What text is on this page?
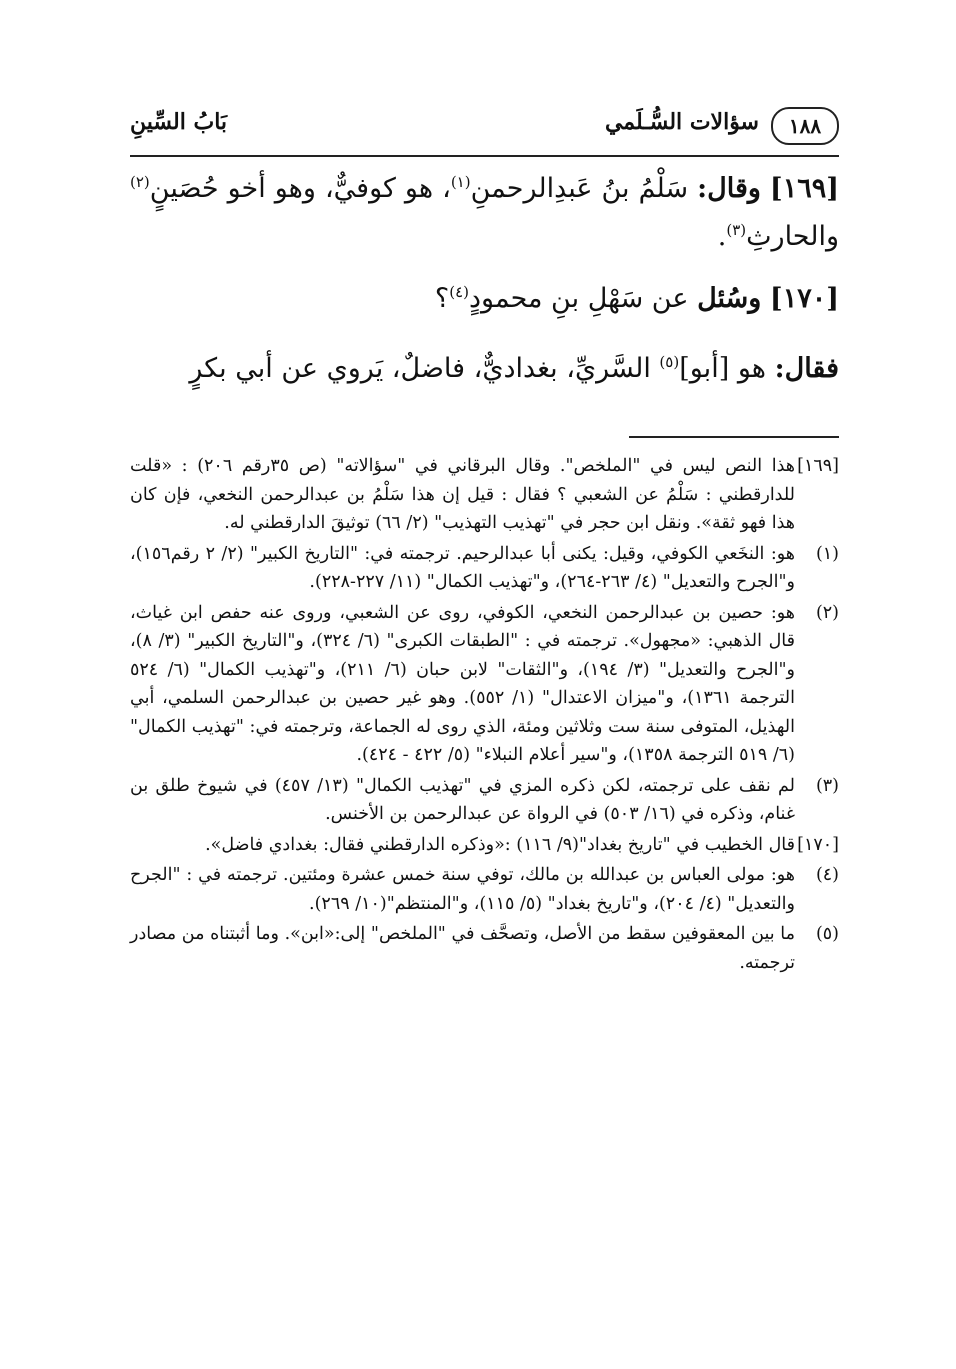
١٨٨
سؤالات السُّـلَمي
بَابُ السِّينِ

[١٦٩] وقال: سَلْمُ بنُ عَبدِالرحمنِ$^{(١)}$، هو كوفيٌّ، وهو أخو حُصَينٍ$^{(٢)}$ والحارثِ$^{(٣)}$.

[١٧٠] وسُئل عن سَهْلِ بنِ محمودٍ$^{(٤)}$؟

فقال: هو [أبو]$^{(٥)}$ السَّريِّ، بغداديٌّ، فاضلٌ، يَروي عن أبي بكرٍ

[١٦٩]
هذا النص ليس في "الملخص". وقال البرقاني في "سؤالاته" (ص ٣٥رقم ٢٠٦) : «قلت للدارقطني : سَلْمُ عن الشعبي ؟ فقال : قيل إن هذا سَلْمُ بن عبدالرحمن النخعي، فإن كان هذا فهو ثقة». ونقل ابن حجر في "تهذيب التهذيب" (٢/ ٦٦) توثيقَ الدارقطني له.
(١)
هو: النخَعي الكوفي، وقيل: يكنى أبا عبدالرحيم. ترجمته في: "التاريخ الكبير" (٢/ ٢ رقم١٥٦)، و"الجرح والتعديل" (٤/ ٢٦٣-٢٦٤)، و"تهذيب الكمال" (١١/ ٢٢٧-٢٢٨).
(٢)
هو: حصين بن عبدالرحمن النخعي، الكوفي، روى عن الشعبي، وروى عنه حفص ابن غياث، قال الذهبي: «مجهول». ترجمته في : "الطبقات الكبرى" (٦/ ٣٢٤)، و"التاريخ الكبير" (٣/ ٨)، و"الجرح والتعديل" (٣/ ١٩٤)، و"الثقات" لابن حبان (٦/ ٢١١)، و"تهذيب الكمال" (٦/ ٥٢٤ الترجمة ١٣٦١)، و"ميزان الاعتدال" (١/ ٥٥٢). وهو غير حصين بن عبدالرحمن السلمي، أبي الهذيل، المتوفى سنة ست وثلاثين ومئة، الذي روى له الجماعة، وترجمته في: "تهذيب الكمال" (٦/ ٥١٩ الترجمة ١٣٥٨)، و"سير أعلام النبلاء" (٥/ ٤٢٢ - ٤٢٤).
(٣)
لم نقف على ترجمته، لكن ذكره المزي في "تهذيب الكمال" (١٣/ ٤٥٧) في شيوخ طلق بن غنام، وذكره في (١٦/ ٥٠٣) في الرواة عن عبدالرحمن بن الأخنس.
[١٧٠]
قال الخطيب في "تاريخ بغداد"(٩/ ١١٦) :«وذكره الدارقطني فقال: بغدادي فاضل».
(٤)
هو: مولى العباس بن عبدالله بن مالك، توفي سنة خمس عشرة ومئتين. ترجمته في : "الجرح والتعديل" (٤/ ٢٠٤)، و"تاريخ بغداد" (٥/ ١١٥)، و"المنتظم"(١٠/ ٢٦٩).
(٥)
ما بين المعقوفين سقط من الأصل، وتصحَّف في "الملخص" إلى:«ابن». وما أثبتناه من مصادر ترجمته.
